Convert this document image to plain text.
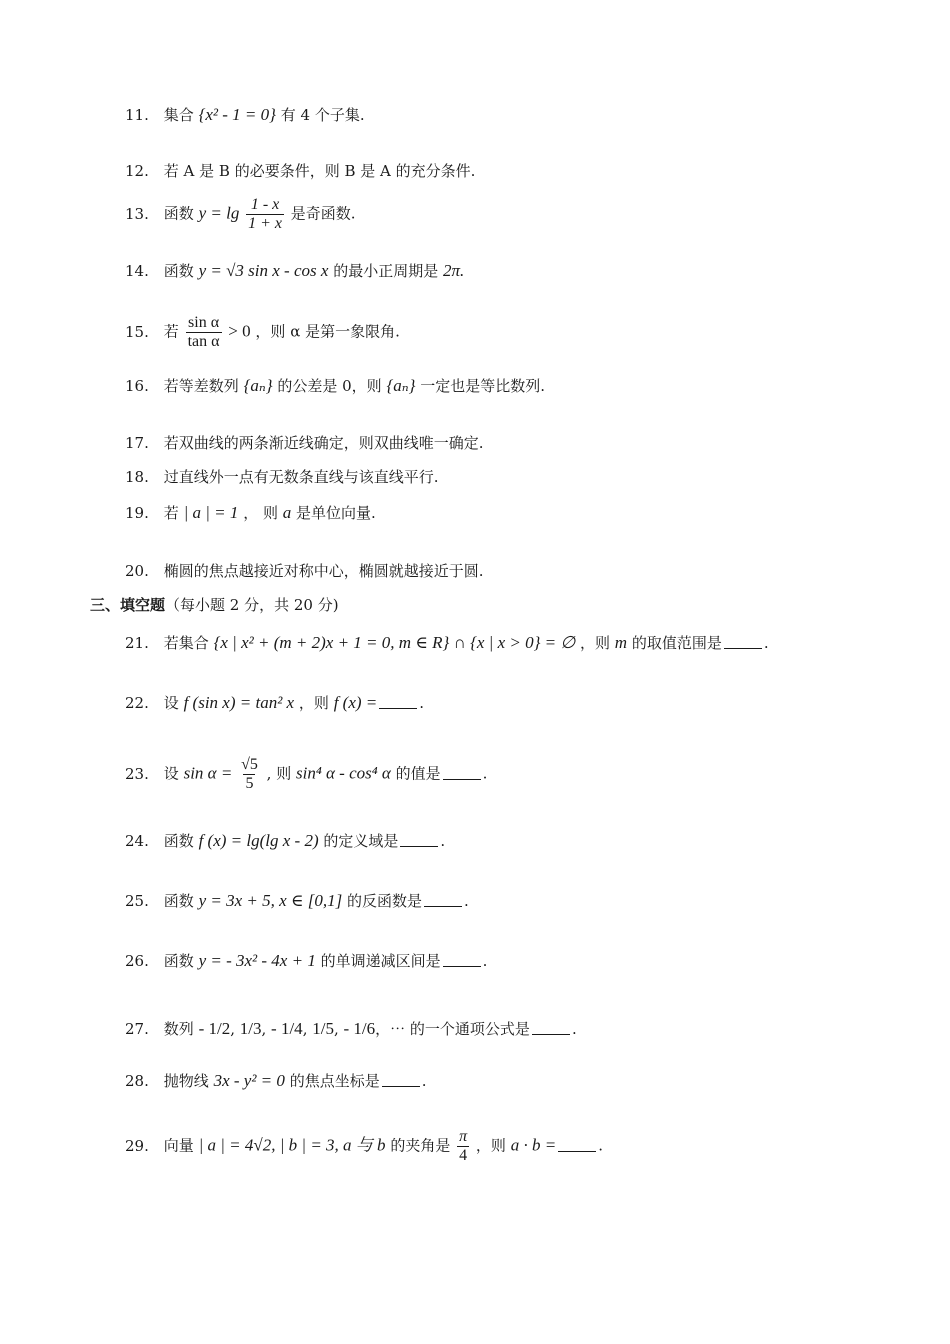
11. 集合 {x² - 1 = 0} 有 4 个子集.
12. 若 A 是 B 的必要条件，则 B 是 A 的充分条件.
13. 函数 $y = \lg \frac{1 - x}{1 + x}$ 是奇函数.
14. 函数 y = √3 sin x - cos x 的最小正周期是 2π.
15. 若 $\frac{\text{sin α}}{\text{tan α}} > 0$ ，则 α 是第一象限角.
16. 若等差数列 {aₙ} 的公差是 0，则 {aₙ} 一定也是等比数列.
17. 若双曲线的两条渐近线确定，则双曲线唯一确定.
18. 过直线外一点有无数条直线与该直线平行.
19. 若 | a | = 1 ， 则 a 是单位向量.
20. 椭圆的焦点越接近对称中心，椭圆就越接近于圆.
三、填空题（每小题 2 分，共 20 分)
21. 若集合 {x | x² + (m + 2)x + 1 = 0, m ∈ R} ∩ {x | x > 0} = ∅ ，则 m 的取值范围是	.
22. 设 f (sin x) = tan² x ，则 f (x) =	.
23. 设 $\sin \alpha = \frac{√5}{5}$ , 则 sin⁴ α - cos⁴ α 的值是	.
24. 函数 f (x) = lg(lg x - 2) 的定义域是	.
25. 函数 y = 3x + 5, x ∈ [0,1] 的反函数是	.
26. 函数 y = - 3x² - 4x + 1 的单调递减区间是	.
27. 数列 - 1/2, 1/3, - 1/4, 1/5, - 1/6，⋯ 的一个通项公式是	.
28. 抛物线 3x - y² = 0 的焦点坐标是	.
29. 向量 | a | = 4√2, | b | = 3, a 与 b 的夹角是 $\frac{\pi}{4}$ ，则 a · b =	.
